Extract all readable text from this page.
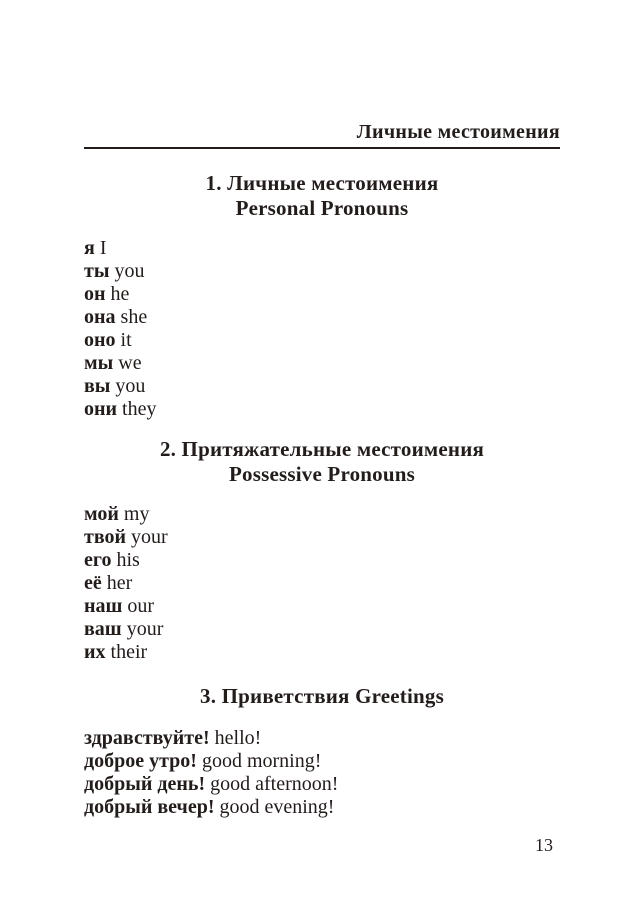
Личные местоимения
1. Личные местоимения
Personal Pronouns
я I
ты you
он he
она she
оно it
мы we
вы you
они they
2. Притяжательные местоимения
Possessive Pronouns
мой my
твой your
его his
её her
наш our
ваш your
их their
3. Приветствия Greetings
здравствуйте! hello!
доброе утро! good morning!
добрый день! good afternoon!
добрый вечер! good evening!
13
